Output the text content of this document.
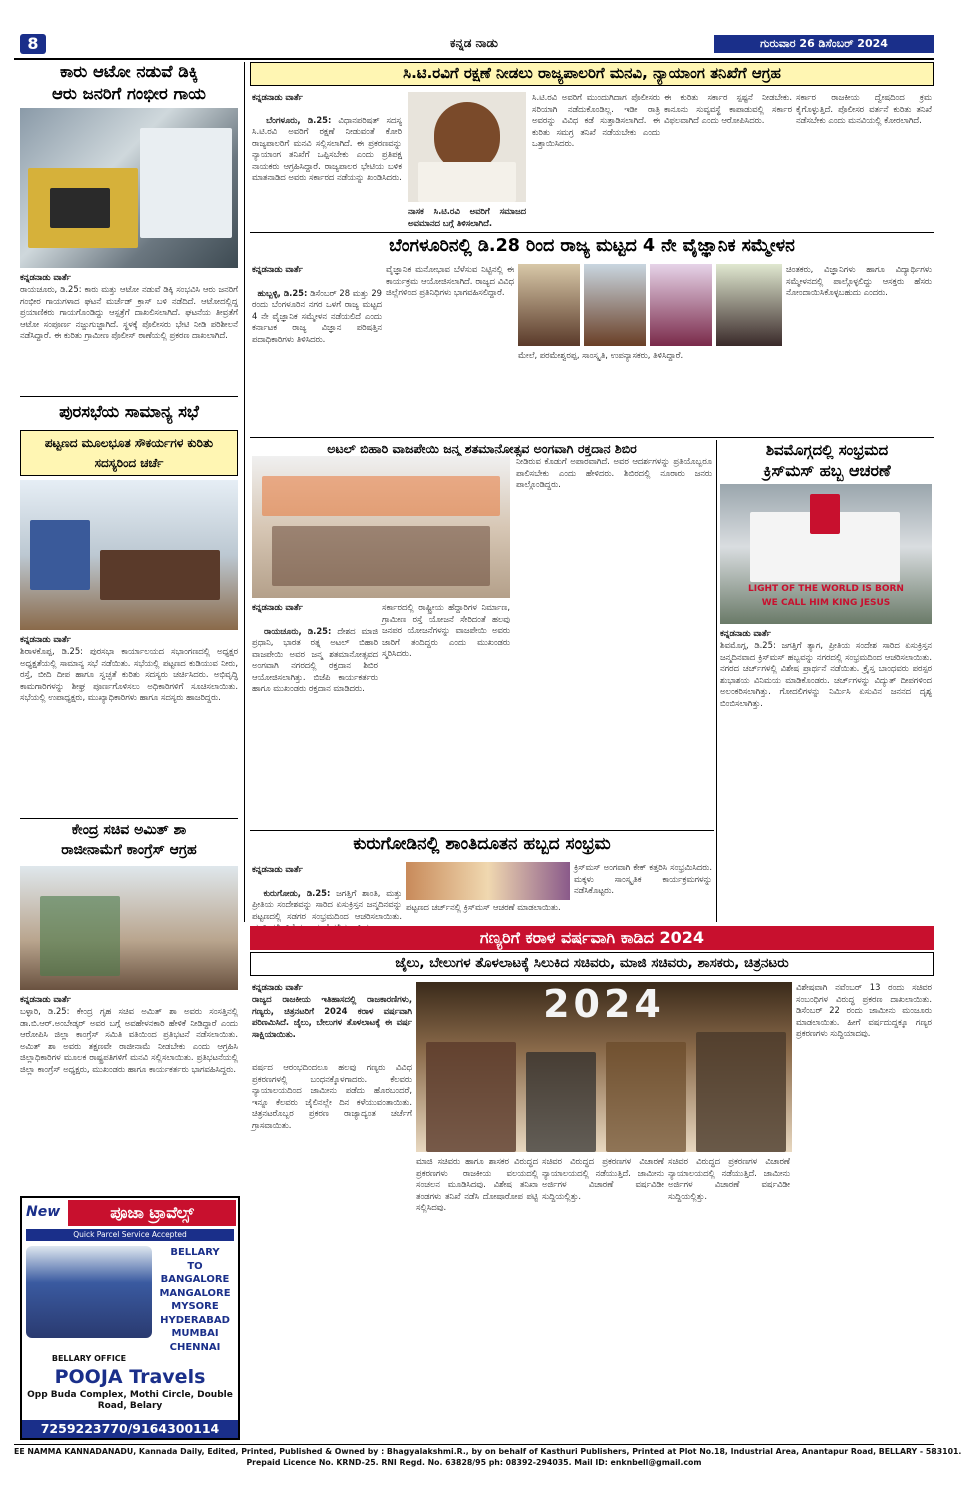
8	ಕನ್ನಡ ನಾಡು	ಗುರುವಾರ 26 ಡಿಸೆಂಬರ್ 2024
ಕಾರು ಆಟೋ ನಡುವೆ ಡಿಕ್ಕಿ
ಆರು ಜನರಿಗೆ ಗಂಭೀರ ಗಾಯ
ಕನ್ನಡನಾಡು ವಾರ್ತೆ
ರಾಯಚೂರು, ಡಿ.25: ಕಾರು ಮತ್ತು ಆಟೋ ನಡುವೆ ಡಿಕ್ಕಿ ಸಂಭವಿಸಿ ಆರು ಜನರಿಗೆ ಗಂಭೀರ ಗಾಯಗಳಾದ ಘಟನೆ ಮರ್ಚೆಡ್ ಕ್ರಾಸ್ ಬಳಿ ನಡೆದಿದೆ. ಆಟೋದಲ್ಲಿದ್ದ ಪ್ರಯಾಣಿಕರು ಗಾಯಗೊಂಡಿದ್ದು ಆಸ್ಪತ್ರೆಗೆ ದಾಖಲಿಸಲಾಗಿದೆ. ಘಟನೆಯ ತೀವ್ರತೆಗೆ ಆಟೋ ಸಂಪೂರ್ಣ ನಜ್ಜುಗುಜ್ಜಾಗಿದೆ. ಸ್ಥಳಕ್ಕೆ ಪೊಲೀಸರು ಭೇಟಿ ನೀಡಿ ಪರಿಶೀಲನೆ ನಡೆಸಿದ್ದಾರೆ. ಈ ಕುರಿತು ಗ್ರಾಮೀಣ ಪೊಲೀಸ್ ಠಾಣೆಯಲ್ಲಿ ಪ್ರಕರಣ ದಾಖಲಾಗಿದೆ.
ಸಿ.ಟಿ.ರವಿಗೆ ರಕ್ಷಣೆ ನೀಡಲು ರಾಜ್ಯಪಾಲರಿಗೆ ಮನವಿ, ನ್ಯಾಯಾಂಗ ತನಿಖೆಗೆ ಆಗ್ರಹ
ಕನ್ನಡನಾಡು ವಾರ್ತೆ

ಬೆಂಗಳೂರು, ಡಿ.25: ವಿಧಾನಪರಿಷತ್ ಸದಸ್ಯ ಸಿ.ಟಿ.ರವಿ ಅವರಿಗೆ ರಕ್ಷಣೆ ನೀಡುವಂತೆ ಕೋರಿ ರಾಜ್ಯಪಾಲರಿಗೆ ಮನವಿ ಸಲ್ಲಿಸಲಾಗಿದೆ. ಈ ಪ್ರಕರಣವನ್ನು ನ್ಯಾಯಾಂಗ ತನಿಖೆಗೆ ಒಪ್ಪಿಸಬೇಕು ಎಂದು ಪ್ರತಿಪಕ್ಷ ನಾಯಕರು ಆಗ್ರಹಿಸಿದ್ದಾರೆ. ರಾಜ್ಯಪಾಲರ ಭೇಟಿಯ ಬಳಿಕ ಮಾತನಾಡಿದ ಅವರು ಸರ್ಕಾರದ ನಡೆಯನ್ನು ಖಂಡಿಸಿದರು.

ನಾಸಕ ಸಿ.ಟಿ.ರವಿ ಅವರಿಗೆ ಸಮಾಜದ ಅವಮಾನದ ಬಗ್ಗೆ ತಿಳಿಸಲಾಗಿದೆ.
ಸಿ.ಟಿ.ರವಿ ಅವರಿಗೆ ಮುಂದುಗಿದಾಗ ಪೊಲೀಸರು ಸರಿಯಾಗಿ ನಡೆದುಕೊಂಡಿಲ್ಲ. ಇಡೀ ರಾತ್ರಿ ಅವರನ್ನು ವಿವಿಧ ಕಡೆ ಸುತ್ತಾಡಿಸಲಾಗಿದೆ. ಈ ಕುರಿತು ಸಮಗ್ರ ತನಿಖೆ ನಡೆಯಬೇಕು ಎಂದು ಒತ್ತಾಯಿಸಿದರು.
ಈ ಕುರಿತು ಸರ್ಕಾರ ಸ್ಪಷ್ಟನೆ ನೀಡಬೇಕು. ಕಾನೂನು ಸುವ್ಯವಸ್ಥೆ ಕಾಪಾಡುವಲ್ಲಿ ಸರ್ಕಾರ ವಿಫಲವಾಗಿದೆ ಎಂದು ಆರೋಪಿಸಿದರು.
ಸರ್ಕಾರ ರಾಜಕೀಯ ದ್ವೇಷದಿಂದ ಕ್ರಮ ಕೈಗೊಳ್ಳುತ್ತಿದೆ. ಪೊಲೀಸರ ವರ್ತನೆ ಕುರಿತು ತನಿಖೆ ನಡೆಸಬೇಕು ಎಂದು ಮನವಿಯಲ್ಲಿ ಕೋರಲಾಗಿದೆ.
ಬೆಂಗಳೂರಿನಲ್ಲಿ ಡಿ.28 ರಿಂದ ರಾಜ್ಯ ಮಟ್ಟದ 4 ನೇ ವೈಜ್ಞಾನಿಕ ಸಮ್ಮೇಳನ
ಕನ್ನಡನಾಡು ವಾರ್ತೆ

ಹುಬ್ಬಳ್ಳಿ, ಡಿ.25: ಡಿಸೆಂಬರ್ 28 ಮತ್ತು 29 ರಂದು ಬೆಂಗಳೂರಿನ ನಗರ ಒಳಗೆ ರಾಜ್ಯ ಮಟ್ಟದ 4 ನೇ ವೈಜ್ಞಾನಿಕ ಸಮ್ಮೇಳನ ನಡೆಯಲಿದೆ ಎಂದು ಕರ್ನಾಟಕ ರಾಜ್ಯ ವಿಜ್ಞಾನ ಪರಿಷತ್ತಿನ ಪದಾಧಿಕಾರಿಗಳು ತಿಳಿಸಿದರು.

ವೈಜ್ಞಾನಿಕ ಮನೋಭಾವ ಬೆಳೆಸುವ ನಿಟ್ಟಿನಲ್ಲಿ ಈ ಕಾರ್ಯಕ್ರಮ ಆಯೋಜಿಸಲಾಗಿದೆ. ರಾಜ್ಯದ ವಿವಿಧ ಜಿಲ್ಲೆಗಳಿಂದ ಪ್ರತಿನಿಧಿಗಳು ಭಾಗವಹಿಸಲಿದ್ದಾರೆ.
ಮೇಲೆ, ಪರಮೇಶ್ವರಪ್ಪ, ಸಾಂಸ್ಕೃತಿ, ಉಪನ್ಯಾಸಕರು, ತಿಳಿಸಿದ್ದಾರೆ.
ಚಿಂತಕರು, ವಿಜ್ಞಾನಿಗಳು ಹಾಗೂ ವಿದ್ಯಾರ್ಥಿಗಳು ಸಮ್ಮೇಳನದಲ್ಲಿ ಪಾಲ್ಗೊಳ್ಳಲಿದ್ದು ಆಸಕ್ತರು ಹೆಸರು ನೋಂದಾಯಿಸಿಕೊಳ್ಳಬಹುದು ಎಂದರು.
ಪುರಸಭೆಯ ಸಾಮಾನ್ಯ ಸಭೆ
ಪಟ್ಟಣದ ಮೂಲಭೂತ ಸೌಕರ್ಯಗಳ ಕುರಿತು ಸದಸ್ಯರಿಂದ ಚರ್ಚೆ
ಕನ್ನಡನಾಡು ವಾರ್ತೆ
ಶಿರಾಳಕೊಪ್ಪ, ಡಿ.25: ಪುರಸಭಾ ಕಾರ್ಯಾಲಯದ ಸಭಾಂಗಣದಲ್ಲಿ ಅಧ್ಯಕ್ಷರ ಅಧ್ಯಕ್ಷತೆಯಲ್ಲಿ ಸಾಮಾನ್ಯ ಸಭೆ ನಡೆಯಿತು. ಸಭೆಯಲ್ಲಿ ಪಟ್ಟಣದ ಕುಡಿಯುವ ನೀರು, ರಸ್ತೆ, ಬೀದಿ ದೀಪ ಹಾಗೂ ಸ್ವಚ್ಛತೆ ಕುರಿತು ಸದಸ್ಯರು ಚರ್ಚಿಸಿದರು. ಅಭಿವೃದ್ಧಿ ಕಾಮಗಾರಿಗಳನ್ನು ಶೀಘ್ರ ಪೂರ್ಣಗೊಳಿಸಲು ಅಧಿಕಾರಿಗಳಿಗೆ ಸೂಚಿಸಲಾಯಿತು. ಸಭೆಯಲ್ಲಿ ಉಪಾಧ್ಯಕ್ಷರು, ಮುಖ್ಯಾಧಿಕಾರಿಗಳು ಹಾಗೂ ಸದಸ್ಯರು ಹಾಜರಿದ್ದರು.
ಅಟಲ್ ಬಿಹಾರಿ ವಾಜಪೇಯಿ ಜನ್ಮ ಶತಮಾನೋತ್ಸವ ಅಂಗವಾಗಿ ರಕ್ತದಾನ ಶಿಬಿರ
ಕನ್ನಡನಾಡು ವಾರ್ತೆ

ರಾಯಚೂರು, ಡಿ.25: ದೇಶದ ಮಾಜಿ ಪ್ರಧಾನಿ, ಭಾರತ ರತ್ನ ಅಟಲ್ ಬಿಹಾರಿ ವಾಜಪೇಯಿ ಅವರ ಜನ್ಮ ಶತಮಾನೋತ್ಸವದ ಅಂಗವಾಗಿ ನಗರದಲ್ಲಿ ರಕ್ತದಾನ ಶಿಬಿರ ಆಯೋಜಿಸಲಾಗಿತ್ತು. ಬಿಜೆಪಿ ಕಾರ್ಯಕರ್ತರು ಹಾಗೂ ಮುಖಂಡರು ರಕ್ತದಾನ ಮಾಡಿದರು.

ಸರ್ಕಾರದಲ್ಲಿ ರಾಷ್ಟ್ರೀಯ ಹೆದ್ದಾರಿಗಳ ನಿರ್ಮಾಣ, ಗ್ರಾಮೀಣ ರಸ್ತೆ ಯೋಜನೆ ಸೇರಿದಂತೆ ಹಲವು ಜನಪರ ಯೋಜನೆಗಳನ್ನು ವಾಜಪೇಯಿ ಅವರು ಜಾರಿಗೆ ತಂದಿದ್ದರು ಎಂದು ಮುಖಂಡರು ಸ್ಮರಿಸಿದರು.
ನೀಡಿರುವ ಕೊಡುಗೆ ಅಪಾರವಾಗಿದೆ. ಅವರ ಆದರ್ಶಗಳನ್ನು ಪ್ರತಿಯೊಬ್ಬರೂ ಪಾಲಿಸಬೇಕು ಎಂದು ಹೇಳಿದರು. ಶಿಬಿರದಲ್ಲಿ ನೂರಾರು ಜನರು ಪಾಲ್ಗೊಂಡಿದ್ದರು.
ಶಿವಮೊಗ್ಗದಲ್ಲಿ ಸಂಭ್ರಮದ
ಕ್ರಿಸ್‌ಮಸ್ ಹಬ್ಬ ಆಚರಣೆ
LIGHT OF THE WORLD IS BORN
WE CALL HIM KING JESUS
ಕನ್ನಡನಾಡು ವಾರ್ತೆ
ಶಿವಮೊಗ್ಗ, ಡಿ.25: ಜಗತ್ತಿಗೆ ತ್ಯಾಗ, ಪ್ರೀತಿಯ ಸಂದೇಶ ಸಾರಿದ ಏಸುಕ್ರಿಸ್ತನ ಜನ್ಮದಿನವಾದ ಕ್ರಿಸ್‌ಮಸ್ ಹಬ್ಬವನ್ನು ನಗರದಲ್ಲಿ ಸಂಭ್ರಮದಿಂದ ಆಚರಿಸಲಾಯಿತು. ನಗರದ ಚರ್ಚ್‌ಗಳಲ್ಲಿ ವಿಶೇಷ ಪ್ರಾರ್ಥನೆ ನಡೆಯಿತು. ಕ್ರೈಸ್ತ ಬಾಂಧವರು ಪರಸ್ಪರ ಶುಭಾಶಯ ವಿನಿಮಯ ಮಾಡಿಕೊಂಡರು. ಚರ್ಚ್‌ಗಳನ್ನು ವಿದ್ಯುತ್ ದೀಪಗಳಿಂದ ಅಲಂಕರಿಸಲಾಗಿತ್ತು. ಗೋದಲಿಗಳನ್ನು ನಿರ್ಮಿಸಿ ಏಸುವಿನ ಜನನದ ದೃಶ್ಯ ಬಿಂಬಿಸಲಾಗಿತ್ತು.
ಕುರುಗೋಡಿನಲ್ಲಿ ಶಾಂತಿದೂತನ ಹಬ್ಬದ ಸಂಭ್ರಮ
ಕನ್ನಡನಾಡು ವಾರ್ತೆ

ಕುರುಗೋಡು, ಡಿ.25: ಜಗತ್ತಿಗೆ ಶಾಂತಿ, ಮತ್ತು ಪ್ರೀತಿಯ ಸಂದೇಶವನ್ನು ಸಾರಿದ ಏಸುಕ್ರಿಸ್ತನ ಜನ್ಮದಿನವನ್ನು ಪಟ್ಟಣದಲ್ಲಿ ಸಡಗರ ಸಂಭ್ರಮದಿಂದ ಆಚರಿಸಲಾಯಿತು.

ಪಟ್ಟಣದ ಚರ್ಚ್‌ನಲ್ಲಿ ಕ್ರಿಸ್‌ಮಸ್ ಆಚರಣೆ ಮಾಡಲಾಯಿತು.
ಕ್ರಿಸ್‌ಮಸ್ ಅಂಗವಾಗಿ ಕೇಕ್ ಕತ್ತರಿಸಿ ಸಂಭ್ರಮಿಸಿದರು. ಮಕ್ಕಳು ಸಾಂಸ್ಕೃತಿಕ ಕಾರ್ಯಕ್ರಮಗಳನ್ನು ನಡೆಸಿಕೊಟ್ಟರು.
ಕೇಂದ್ರ ಸಚಿವ ಅಮಿತ್ ಶಾ
ರಾಜೀನಾಮೆಗೆ ಕಾಂಗ್ರೆಸ್ ಆಗ್ರಹ
ಕನ್ನಡನಾಡು ವಾರ್ತೆ
ಬಳ್ಳಾರಿ, ಡಿ.25: ಕೇಂದ್ರ ಗೃಹ ಸಚಿವ ಅಮಿತ್ ಶಾ ಅವರು ಸಂಸತ್ತಿನಲ್ಲಿ ಡಾ.ಬಿ.ಆರ್.ಅಂಬೇಡ್ಕರ್ ಅವರ ಬಗ್ಗೆ ಅವಹೇಳನಕಾರಿ ಹೇಳಿಕೆ ನೀಡಿದ್ದಾರೆ ಎಂದು ಆರೋಪಿಸಿ ಜಿಲ್ಲಾ ಕಾಂಗ್ರೆಸ್ ಸಮಿತಿ ವತಿಯಿಂದ ಪ್ರತಿಭಟನೆ ನಡೆಸಲಾಯಿತು. ಅಮಿತ್ ಶಾ ಅವರು ತಕ್ಷಣವೇ ರಾಜೀನಾಮೆ ನೀಡಬೇಕು ಎಂದು ಆಗ್ರಹಿಸಿ ಜಿಲ್ಲಾಧಿಕಾರಿಗಳ ಮೂಲಕ ರಾಷ್ಟ್ರಪತಿಗಳಿಗೆ ಮನವಿ ಸಲ್ಲಿಸಲಾಯಿತು. ಪ್ರತಿಭಟನೆಯಲ್ಲಿ ಜಿಲ್ಲಾ ಕಾಂಗ್ರೆಸ್ ಅಧ್ಯಕ್ಷರು, ಮುಖಂಡರು ಹಾಗೂ ಕಾರ್ಯಕರ್ತರು ಭಾಗವಹಿಸಿದ್ದರು.
New	ಪೂಜಾ ಟ್ರಾವೆಲ್ಸ್
Quick Parcel Service Accepted
BELLARY
TO
BANGALORE
MANGALORE
MYSORE
HYDERABAD
MUMBAI
CHENNAI
BELLARY OFFICE
POOJA Travels
Opp Buda Complex, Mothi Circle, Double Road, Belary
7259223770/9164300114
ಗಣ್ಯರಿಗೆ ಕರಾಳ ವರ್ಷವಾಗಿ ಕಾಡಿದ 2024
ಜೈಲು, ಬೇಲುಗಳ ತೊಳಲಾಟಕ್ಕೆ ಸಿಲುಕಿದ ಸಚಿವರು, ಮಾಜಿ ಸಚಿವರು, ಶಾಸಕರು, ಚಿತ್ರನಟರು
ಕನ್ನಡನಾಡು ವಾರ್ತೆ
ರಾಜ್ಯದ ರಾಜಕೀಯ ಇತಿಹಾಸದಲ್ಲಿ ರಾಜಕಾರಣಿಗಳು, ಗಣ್ಯರು, ಚಿತ್ರನಟರಿಗೆ 2024 ಕರಾಳ ವರ್ಷವಾಗಿ ಪರಿಣಮಿಸಿದೆ. ಜೈಲು, ಬೇಲುಗಳ ತೊಳಲಾಟಕ್ಕೆ ಈ ವರ್ಷ ಸಾಕ್ಷಿಯಾಯಿತು.
ವರ್ಷದ ಆರಂಭದಿಂದಲೂ ಹಲವು ಗಣ್ಯರು ವಿವಿಧ ಪ್ರಕರಣಗಳಲ್ಲಿ ಬಂಧನಕ್ಕೊಳಗಾದರು. ಕೆಲವರು ನ್ಯಾಯಾಲಯದಿಂದ ಜಾಮೀನು ಪಡೆದು ಹೊರಬಂದರೆ, ಇನ್ನೂ ಕೆಲವರು ಜೈಲಿನಲ್ಲೇ ದಿನ ಕಳೆಯುವಂತಾಯಿತು. ಚಿತ್ರನಟರೊಬ್ಬರ ಪ್ರಕರಣ ರಾಜ್ಯಾದ್ಯಂತ ಚರ್ಚೆಗೆ ಗ್ರಾಸವಾಯಿತು.
2024
ಮಾಜಿ ಸಚಿವರು ಹಾಗೂ ಶಾಸಕರ ವಿರುದ್ಧದ ಪ್ರಕರಣಗಳು ರಾಜಕೀಯ ವಲಯದಲ್ಲಿ ಸಂಚಲನ ಮೂಡಿಸಿದವು. ವಿಶೇಷ ತನಿಖಾ ತಂಡಗಳು ತನಿಖೆ ನಡೆಸಿ ದೋಷಾರೋಪ ಪಟ್ಟಿ ಸಲ್ಲಿಸಿದವು.
ಸಚಿವರ ವಿರುದ್ಧದ ಪ್ರಕರಣಗಳ ವಿಚಾರಣೆ ನ್ಯಾಯಾಲಯದಲ್ಲಿ ನಡೆಯುತ್ತಿದೆ. ಜಾಮೀನು ಅರ್ಜಿಗಳ ವಿಚಾರಣೆ ವರ್ಷವಿಡೀ ಸುದ್ದಿಯಲ್ಲಿತ್ತು.
ಸಚಿವರ ವಿರುದ್ಧದ ಪ್ರಕರಣಗಳ ವಿಚಾರಣೆ ನ್ಯಾಯಾಲಯದಲ್ಲಿ ನಡೆಯುತ್ತಿದೆ. ಜಾಮೀನು ಅರ್ಜಿಗಳ ವಿಚಾರಣೆ ವರ್ಷವಿಡೀ ಸುದ್ದಿಯಲ್ಲಿತ್ತು.
ವಿಶೇಷವಾಗಿ ನವೆಂಬರ್ 13 ರಂದು ಸಚಿವರ ಸಂಬಂಧಿಗಳ ವಿರುದ್ಧ ಪ್ರಕರಣ ದಾಖಲಾಯಿತು. ಡಿಸೆಂಬರ್ 22 ರಂದು ಜಾಮೀನು ಮಂಜೂರು ಮಾಡಲಾಯಿತು. ಹೀಗೆ ವರ್ಷದುದ್ದಕ್ಕೂ ಗಣ್ಯರ ಪ್ರಕರಣಗಳು ಸುದ್ದಿಯಾದವು.
EE NAMMA KANNADANADU, Kannada Daily, Edited, Printed, Published & Owned by : Bhagyalakshmi.R., by on behalf of Kasthuri Publishers, Printed at Plot No.18, Industrial Area, Anantapur Road, BELLARY - 583101.
Prepaid Licence No. KRND-25. RNI Regd. No. 63828/95 ph: 08392-294035. Mail ID: enknbell@gmail.com
